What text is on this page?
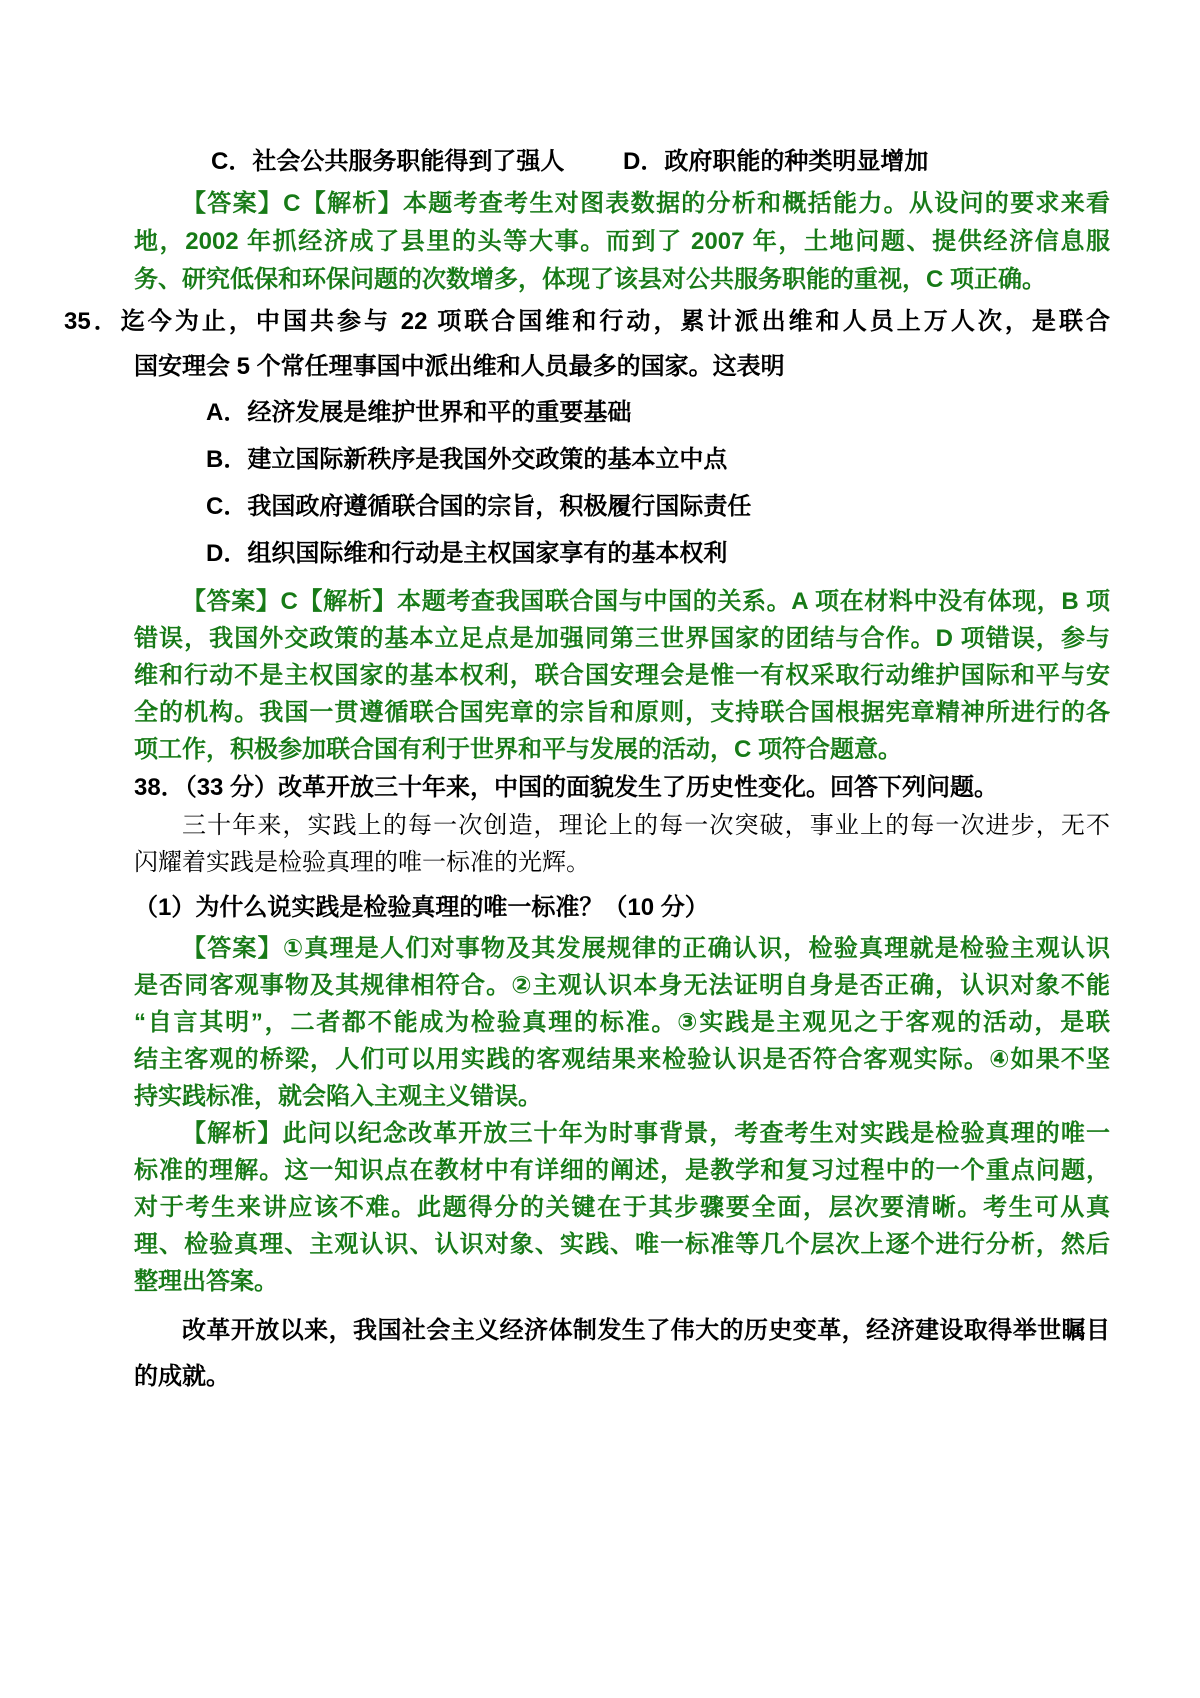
C．社会公共服务职能得到了强人 D．政府职能的种类明显增加

【答案】C【解析】本题考查考生对图表数据的分析和概括能力。从设问的要求来看
地，2002 年抓经济成了县里的头等大事。而到了 2007 年，土地问题、提供经济信息服
务、研究低保和环保问题的次数增多，体现了该县对公共服务职能的重视，C 项正确。

35．迄今为止，中国共参与 22 项联合国维和行动，累计派出维和人员上万人次，是联合
国安理会 5 个常任理事国中派出维和人员最多的国家。这表明

A．经济发展是维护世界和平的重要基础
B．建立国际新秩序是我国外交政策的基本立中点
C．我国政府遵循联合国的宗旨，积极履行国际责任
D．组织国际维和行动是主权国家享有的基本权利

【答案】C【解析】本题考查我国联合国与中国的关系。A 项在材料中没有体现，B 项
错误，我国外交政策的基本立足点是加强同第三世界国家的团结与合作。D 项错误，参与
维和行动不是主权国家的基本权利，联合国安理会是惟一有权采取行动维护国际和平与安
全的机构。我国一贯遵循联合国宪章的宗旨和原则，支持联合国根据宪章精神所进行的各
项工作，积极参加联合国有利于世界和平与发展的活动，C 项符合题意。

38．（33 分）改革开放三十年来，中国的面貌发生了历史性变化。回答下列问题。

三十年来，实践上的每一次创造，理论上的每一次突破，事业上的每一次进步，无不
闪耀着实践是检验真理的唯一标准的光辉。

（1）为什么说实践是检验真理的唯一标准？（10 分）

【答案】①真理是人们对事物及其发展规律的正确认识，检验真理就是检验主观认识
是否同客观事物及其规律相符合。②主观认识本身无法证明自身是否正确，认识对象不能
“自言其明”，二者都不能成为检验真理的标准。③实践是主观见之于客观的活动，是联
结主客观的桥梁，人们可以用实践的客观结果来检验认识是否符合客观实际。④如果不坚
持实践标准，就会陷入主观主义错误。

【解析】此问以纪念改革开放三十年为时事背景，考查考生对实践是检验真理的唯一
标准的理解。这一知识点在教材中有详细的阐述，是教学和复习过程中的一个重点问题，
对于考生来讲应该不难。此题得分的关键在于其步骤要全面，层次要清晰。考生可从真
理、检验真理、主观认识、认识对象、实践、唯一标准等几个层次上逐个进行分析，然后
整理出答案。

改革开放以来，我国社会主义经济体制发生了伟大的历史变革，经济建设取得举世瞩目
的成就。
